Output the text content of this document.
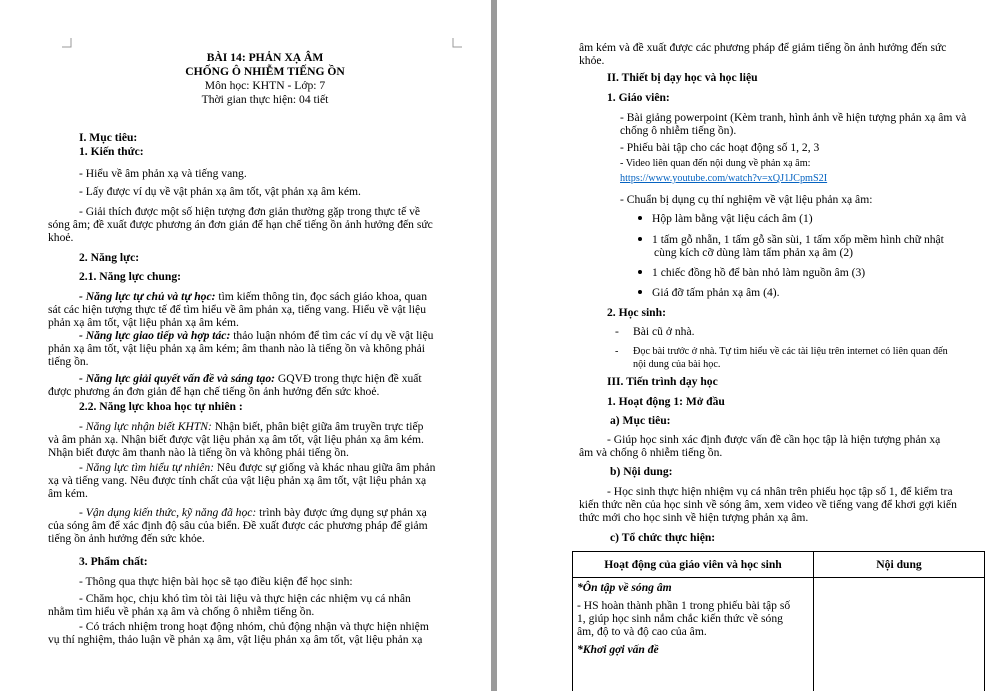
BÀI 14: PHẢN XẠ ÂM
CHỐNG Ô NHIỄM TIẾNG ỒN
Môn học: KHTN - Lớp: 7
Thời gian thực hiện: 04 tiết
I. Mục tiêu:
1. Kiến thức:
- Hiểu về âm phản xạ và tiếng vang.
- Lấy được ví dụ về vật phản xạ âm tốt, vật phản xạ âm kém.
- Giải thích được một số hiện tượng đơn giản thường gặp trong thực tế về
sóng âm; đề xuất được phương án đơn giản để hạn chế tiếng ồn ảnh hưởng đến sức
khoẻ.
2. Năng lực:
2.1. Năng lực chung:
- Năng lực tự chủ và tự học: tìm kiếm thông tin, đọc sách giáo khoa, quan
sát các hiện tượng thực tế để tìm hiểu về âm phản xạ, tiếng vang. Hiểu về vật liệu
phản xạ âm tốt, vật liệu phản xạ âm kém.
- Năng lực giao tiếp và hợp tác: thảo luận nhóm để tìm các ví dụ về vật liệu
phản xạ âm tốt, vật liệu phản xạ âm kém; âm thanh nào là tiếng ồn và không phải
tiếng ồn.
- Năng lực giải quyết vấn đề và sáng tạo: GQVĐ trong thực hiện đề xuất
được phương án đơn giản để hạn chế tiếng ồn ảnh hưởng đến sức khoẻ.
2.2. Năng lực khoa học tự nhiên :
- Năng lực nhận biết KHTN: Nhận biết, phân biệt giữa âm truyền trực tiếp
và âm phản xạ. Nhận biết được vật liệu phản xạ âm tốt, vật liệu phản xạ âm kém.
Nhận biết được âm thanh nào là tiếng ồn và không phải tiếng ồn.
- Năng lực tìm hiểu tự nhiên: Nêu được sự giống và khác nhau giữa âm phản
xạ và tiếng vang. Nêu được tính chất của vật liệu phản xạ âm tốt, vật liệu phản xạ
âm kém.
- Vận dụng kiến thức, kỹ năng đã học: trình bày được ứng dụng sự phản xạ
của sóng âm để xác định độ sâu của biển. Đề xuất được các phương pháp để giảm
tiếng ồn ảnh hưởng đến sức khỏe.
3. Phẩm chất:
- Thông qua thực hiện bài học sẽ tạo điều kiện để học sinh:
- Chăm học, chịu khó tìm tòi tài liệu và thực hiện các nhiệm vụ cá nhân
nhằm tìm hiểu về phản xạ âm và chống ô nhiễm tiếng ồn.
- Có trách nhiệm trong hoạt động nhóm, chủ động nhận và thực hiện nhiệm
vụ thí nghiệm, thảo luận về phản xạ âm, vật liệu phản xạ âm tốt, vật liệu phản xạ
âm kém và đề xuất được các phương pháp để giảm tiếng ồn ảnh hưởng đến sức
khỏe.
II. Thiết bị dạy học và học liệu
1. Giáo viên:
- Bài giảng powerpoint (Kèm tranh, hình ảnh về hiện tượng phản xạ âm và
chống ô nhiễm tiếng ồn).
- Phiếu bài tập cho các hoạt động số 1, 2, 3
- Video liên quan đến nội dung về phản xạ âm:
https://www.youtube.com/watch?v=xQJ1JCpmS2I
- Chuẩn bị dụng cụ thí nghiệm về vật liệu phản xạ âm:
Hộp làm bằng vật liệu cách âm (1)
1 tấm gỗ nhẵn, 1 tấm gỗ sần sùi, 1 tấm xốp mềm hình chữ nhật
cùng kích cỡ dùng làm tấm phản xạ âm (2)
1 chiếc đồng hồ để bàn nhỏ làm nguồn âm (3)
Giá đỡ tấm phản xạ âm (4).
2. Học sinh:
- Bài cũ ở nhà.
- Đọc bài trước ở nhà. Tự tìm hiểu về các tài liệu trên internet có liên quan đến
nội dung của bài học.
III. Tiến trình dạy học
1. Hoạt động 1: Mở đầu
a) Mục tiêu:
- Giúp học sinh xác định được vấn đề cần học tập là hiện tượng phản xạ
âm và chống ô nhiễm tiếng ồn.
b) Nội dung:
- Học sinh thực hiện nhiệm vụ cá nhân trên phiếu học tập số 1, để kiểm tra
kiến thức nền của học sinh về sóng âm, xem video về tiếng vang để khơi gợi kiến
thức mới cho học sinh về hiện tượng phản xạ âm.
c) Tổ chức thực hiện:
Hoạt động của giáo viên và học sinh	Nội dung

*Ôn tập về sóng âm
- HS hoàn thành phần 1 trong phiếu bài tập số
1, giúp học sinh nắm chắc kiến thức về sóng
âm, độ to và độ cao của âm.
*Khơi gợi vấn đề	
